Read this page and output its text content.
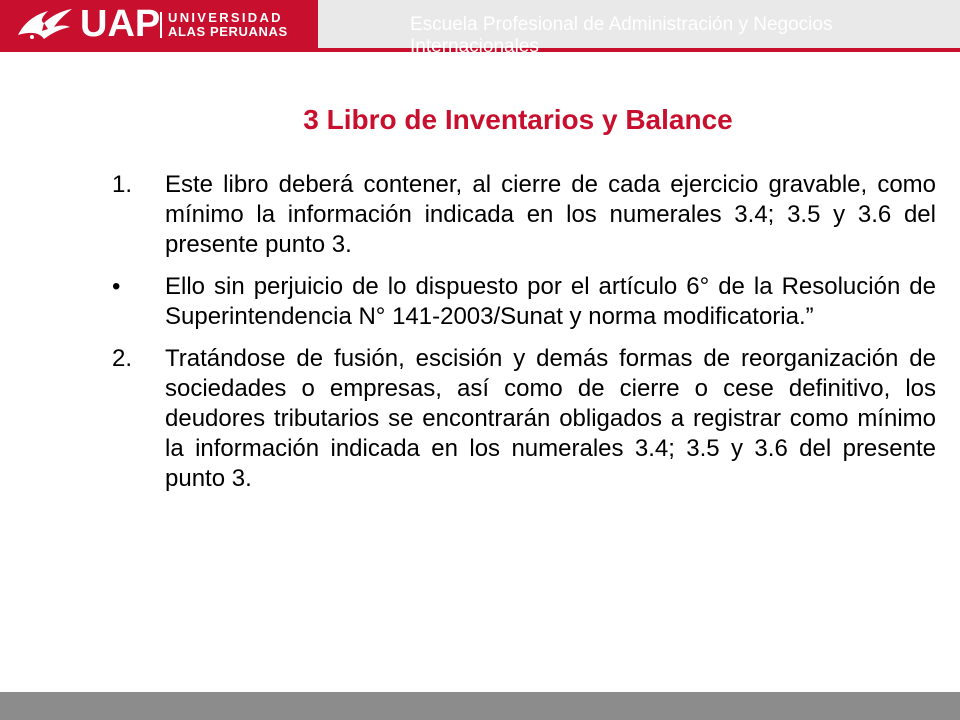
UAP UNIVERSIDAD
ALAS PERUANAS	Escuela Profesional de Administración y Negocios Internacionales
3 Libro de Inventarios y Balance
1. Este libro deberá contener, al cierre de cada ejercicio gravable, como mínimo la información indicada en los numerales 3.4; 3.5 y 3.6 del presente punto 3.
• Ello sin perjuicio de lo dispuesto por el artículo 6° de la Resolución de Superintendencia N° 141-2003/Sunat y norma modificatoria.”
2. Tratándose de fusión, escisión y demás formas de reorganización de sociedades o empresas, así como de cierre o cese definitivo, los deudores tributarios se encontrarán obligados a registrar como mínimo la información indicada en los numerales 3.4; 3.5 y 3.6 del presente punto 3.
